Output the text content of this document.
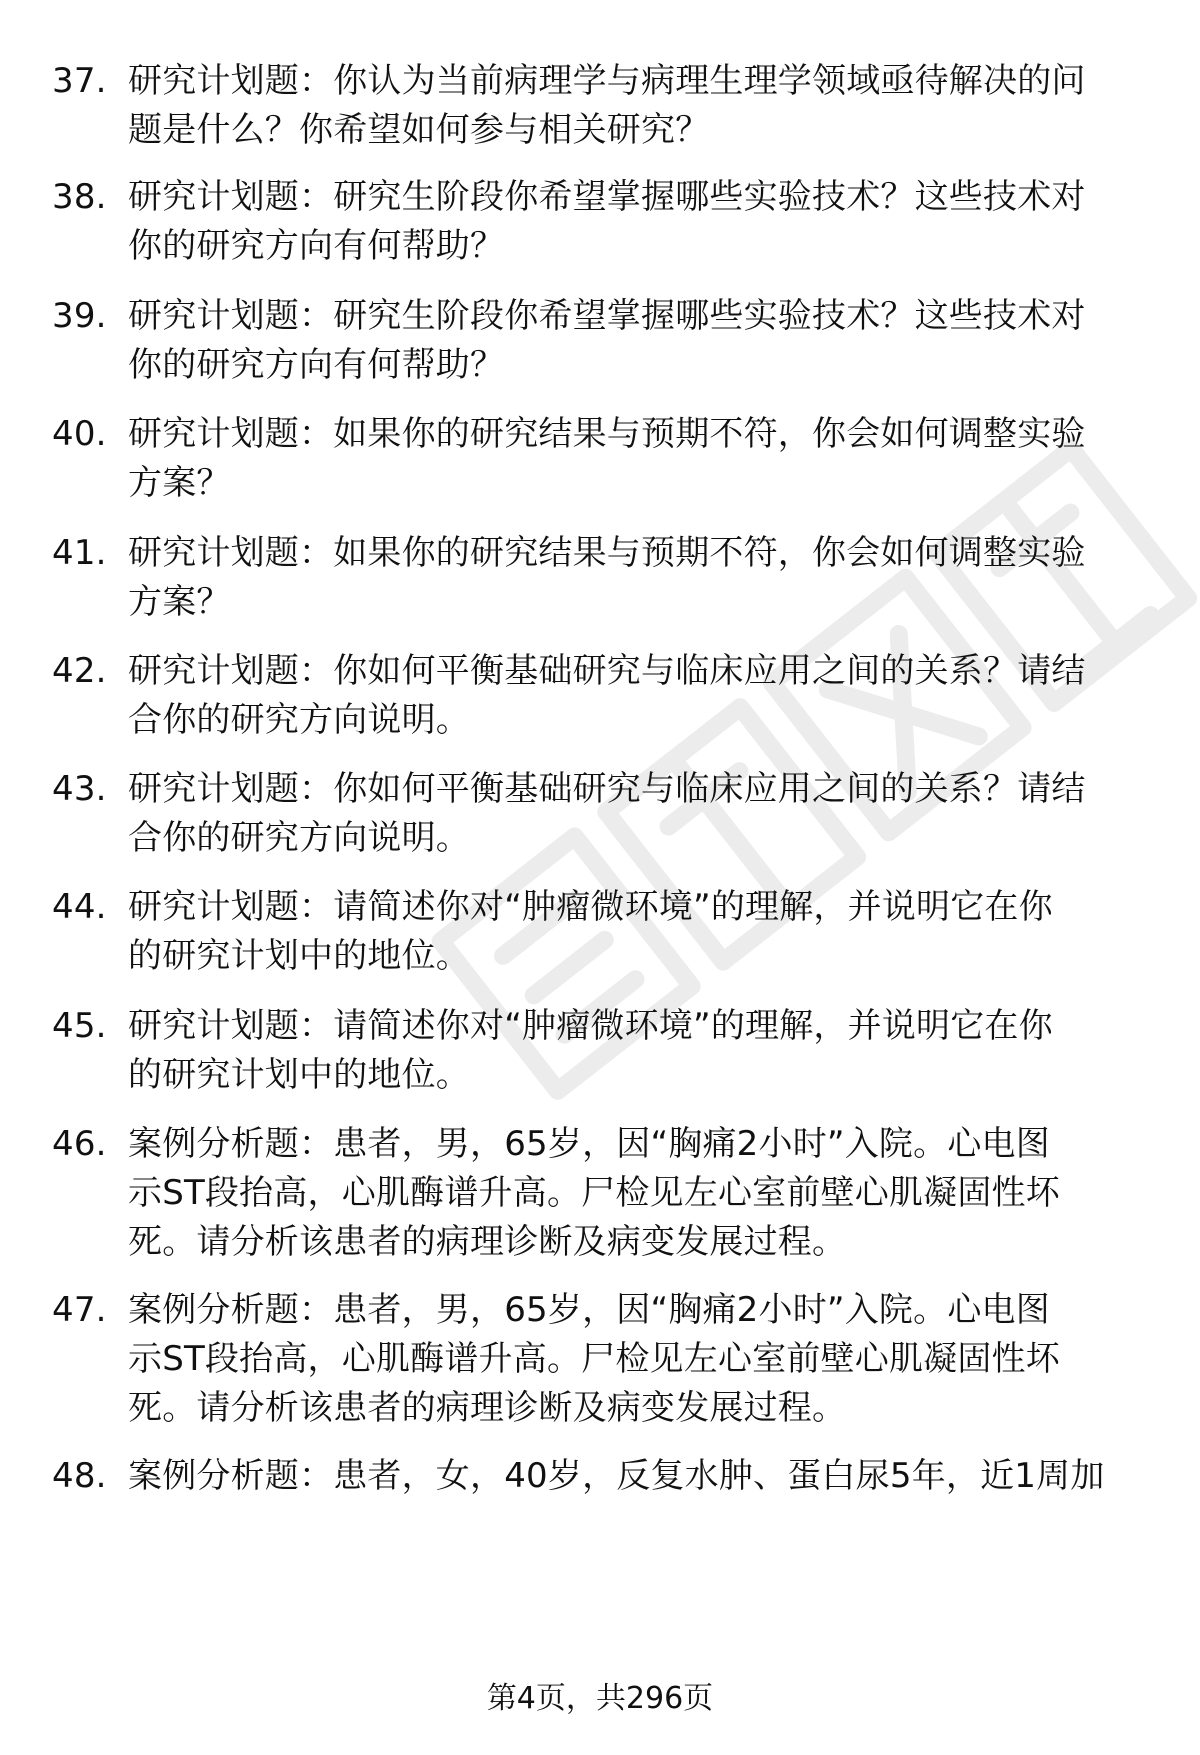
37. 研究计划题：你认为当前病理学与病理生理学领域亟待解决的问
题是什么？你希望如何参与相关研究？
38. 研究计划题：研究生阶段你希望掌握哪些实验技术？这些技术对
你的研究方向有何帮助？
39. 研究计划题：研究生阶段你希望掌握哪些实验技术？这些技术对
你的研究方向有何帮助？
40. 研究计划题：如果你的研究结果与预期不符，你会如何调整实验
方案？
41. 研究计划题：如果你的研究结果与预期不符，你会如何调整实验
方案？
42. 研究计划题：你如何平衡基础研究与临床应用之间的关系？请结
合你的研究方向说明。
43. 研究计划题：你如何平衡基础研究与临床应用之间的关系？请结
合你的研究方向说明。
44. 研究计划题：请简述你对“肿瘤微环境”的理解，并说明它在你
的研究计划中的地位。
45. 研究计划题：请简述你对“肿瘤微环境”的理解，并说明它在你
的研究计划中的地位。
46. 案例分析题：患者，男，65岁，因“胸痛2小时”入院。心电图
示ST段抬高，心肌酶谱升高。尸检见左心室前壁心肌凝固性坏
死。请分析该患者的病理诊断及病变发展过程。
47. 案例分析题：患者，男，65岁，因“胸痛2小时”入院。心电图
示ST段抬高，心肌酶谱升高。尸检见左心室前壁心肌凝固性坏
死。请分析该患者的病理诊断及病变发展过程。
48. 案例分析题：患者，女，40岁，反复水肿、蛋白尿5年，近1周加
第4页，共296页
